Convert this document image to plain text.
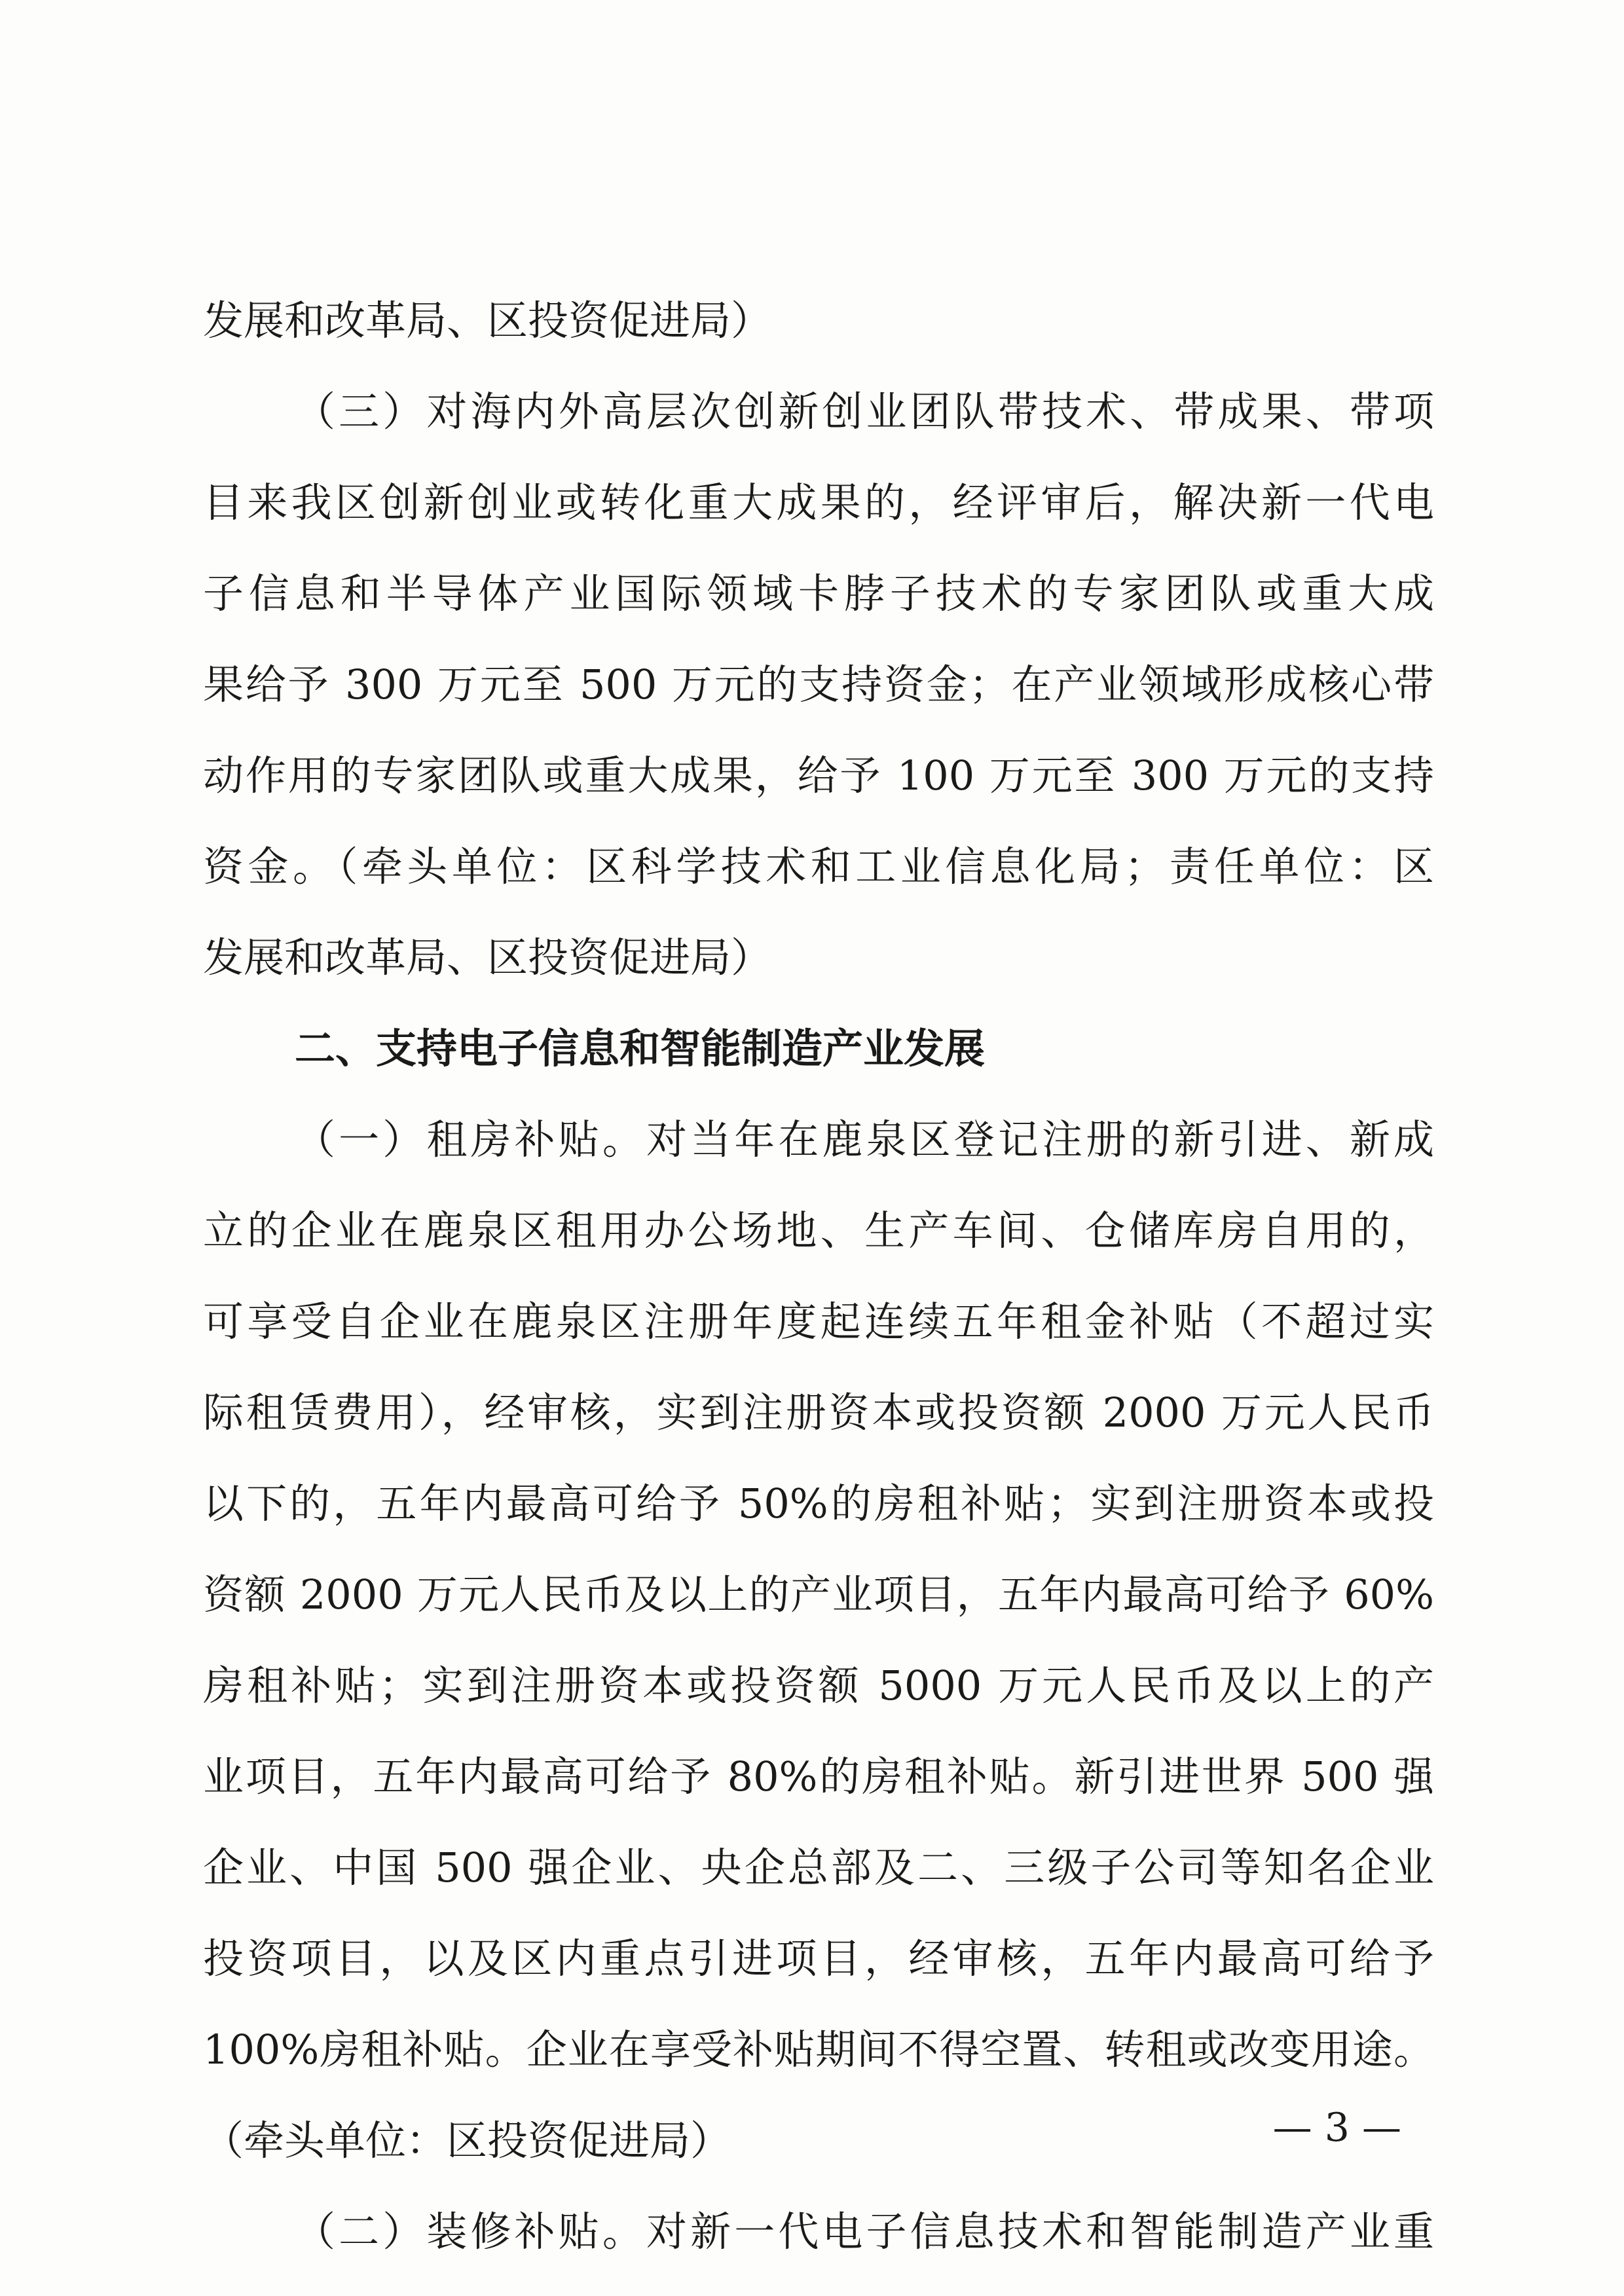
发展和改革局、区投资促进局）
（三）对海内外高层次创新创业团队带技术、带成果、带项
目来我区创新创业或转化重大成果的，经评审后，解决新一代电
子信息和半导体产业国际领域卡脖子技术的专家团队或重大成
果给予 300 万元至 500 万元的支持资金；在产业领域形成核心带
动作用的专家团队或重大成果，给予 100 万元至 300 万元的支持
资金。（牵头单位：区科学技术和工业信息化局；责任单位：区
发展和改革局、区投资促进局）
二、支持电子信息和智能制造产业发展
（一）租房补贴。对当年在鹿泉区登记注册的新引进、新成
立的企业在鹿泉区租用办公场地、生产车间、仓储库房自用的，
可享受自企业在鹿泉区注册年度起连续五年租金补贴（不超过实
际租赁费用），经审核，实到注册资本或投资额 2000 万元人民币
以下的，五年内最高可给予 50%的房租补贴；实到注册资本或投
资额 2000 万元人民币及以上的产业项目，五年内最高可给予 60%
房租补贴；实到注册资本或投资额 5000 万元人民币及以上的产
业项目，五年内最高可给予 80%的房租补贴。新引进世界 500 强
企业、中国 500 强企业、央企总部及二、三级子公司等知名企业
投资项目，以及区内重点引进项目，经审核，五年内最高可给予
100%房租补贴。企业在享受补贴期间不得空置、转租或改变用途。
（牵头单位：区投资促进局）
（二）装修补贴。对新一代电子信息技术和智能制造产业重
— 3 —
